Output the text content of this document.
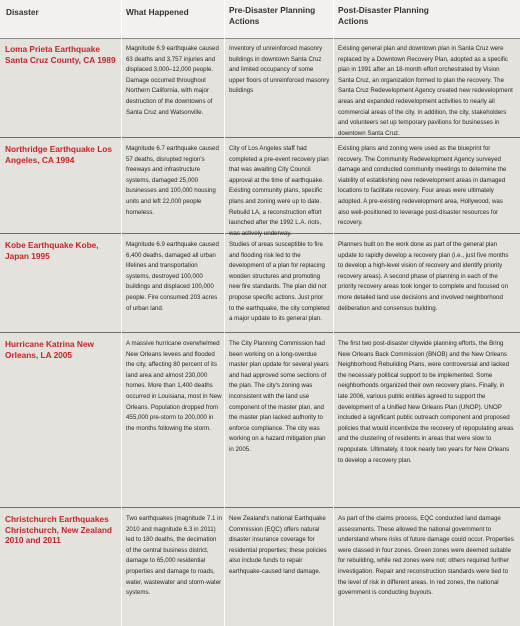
Disaster	What Happened	Pre-Disaster Planning Actions
Post-Disaster Planning Actions
Loma Prieta Earthquake Santa Cruz County, CA 1989
Magnitude 6.9 earthquake caused 63 deaths and 3,757 injuries and displaced 3,000–12,000 people. Damage occurred throughout Northern California, with major destruction of the downtowns of Santa Cruz and Watsonville.
Inventory of unreinforced masonry buildings in downtown Santa Cruz and limited occupancy of some upper floors of unreinforced masonry buildings
Existing general plan and downtown plan in Santa Cruz were replaced by a Downtown Recovery Plan, adopted as a specific plan in 1991 after an 18-month effort orchestrated by Vision Santa Cruz, an organization formed to plan the recovery. The Santa Cruz Redevelopment Agency created new redevelopment areas and expanded redevelopment activities to nearly all commercial areas of the city. In addition, the city, stakeholders and volunteers set up temporary pavilions for businesses in downtown Santa Cruz.
Northridge Earthquake Los Angeles, CA 1994
Magnitude 6.7 earthquake caused 57 deaths, disrupted region's freeways and infrastructure systems, damaged 25,000 businesses and 100,000 housing units and left 22,000 people homeless.
City of Los Angeles staff had completed a pre-event recovery plan that was awaiting City Council approval at the time of earthquake. Existing community plans, specific plans and zoning were up to date. Rebuild LA, a reconstruction effort launched after the 1992 L.A. riots, was actively underway.
Existing plans and zoning were used as the blueprint for recovery. The Community Redevelopment Agency surveyed damage and conducted community meetings to determine the viability of establishing new redevelopment areas in damaged locations to facilitate recovery. Four areas were ultimately adopted. A pre-existing redevelopment area, Hollywood, was also well-positioned to leverage post-disaster resources for recovery.
Kobe Earthquake Kobe, Japan 1995
Magnitude 6.9 earthquake caused 6,400 deaths, damaged all urban lifelines and transportation systems, destroyed 100,000 buildings and displaced 100,000 people. Fire consumed 203 acres of urban land.
Studies of areas susceptible to fire and flooding risk led to the development of a plan for replacing wooden structures and promoting new fire standards. The plan did not propose specific actions. Just prior to the earthquake, the city completed a major update to its general plan.
Planners built on the work done as part of the general plan update to rapidly develop a recovery plan (i.e., just five months to develop a high-level vision of recovery and identify priority recovery areas). A second phase of planning in each of the priority recovery areas took longer to complete and focused on more detailed land use decisions and involved neighborhood deliberation and consensus building.
Hurricane Katrina New Orleans, LA 2005
A massive hurricane overwhelmed New Orleans levees and flooded the city, affecting 80 percent of its land area and almost 230,000 homes. More than 1,400 deaths occurred in Louisiana, most in New Orleans. Population dropped from 455,000 pre-storm to 200,000 in the months following the storm.
The City Planning Commission had been working on a long-overdue master plan update for several years and had approved some sections of the plan. The city's zoning was inconsistent with the land use component of the master plan, and the master plan lacked authority to enforce compliance. The city was working on a hazard mitigation plan in 2005.
The first two post-disaster citywide planning efforts, the Bring New Orleans Back Commission (BNOB) and the New Orleans Neighborhood Rebuilding Plans, were controversial and lacked the necessary political support to be implemented. Some neighborhoods organized their own recovery plans. Finally, in late 2006, various public entities agreed to support the development of a Unified New Orleans Plan (UNOP). UNOP included a significant public outreach component and proposed policies that would incentivize the recovery of repopulating areas and the clustering of residents in areas that were slow to repopulate. Ultimately, it took nearly two years for New Orleans to develop a recovery plan.
Christchurch Earthquakes Christchurch, New Zealand 2010 and 2011
Two earthquakes (magnitude 7.1 in 2010 and magnitude 6.3 in 2011) led to 180 deaths, the decimation of the central business district, damage to 65,000 residential properties and damage to roads, water, wastewater and storm-water systems.
New Zealand's national Earthquake Commission (EQC) offers natural disaster insurance coverage for residential properties; these policies also include funds to repair earthquake-caused land damage.
As part of the claims process, EQC conducted land damage assessments. These allowed the national government to understand where risks of future damage could occur. Properties were classed in four zones. Green zones were deemed suitable for rebuilding, while red zones were not; others required further investigation. Repair and reconstruction standards were tied to the level of risk in different areas. In red zones, the national government is conducting buyouts.
